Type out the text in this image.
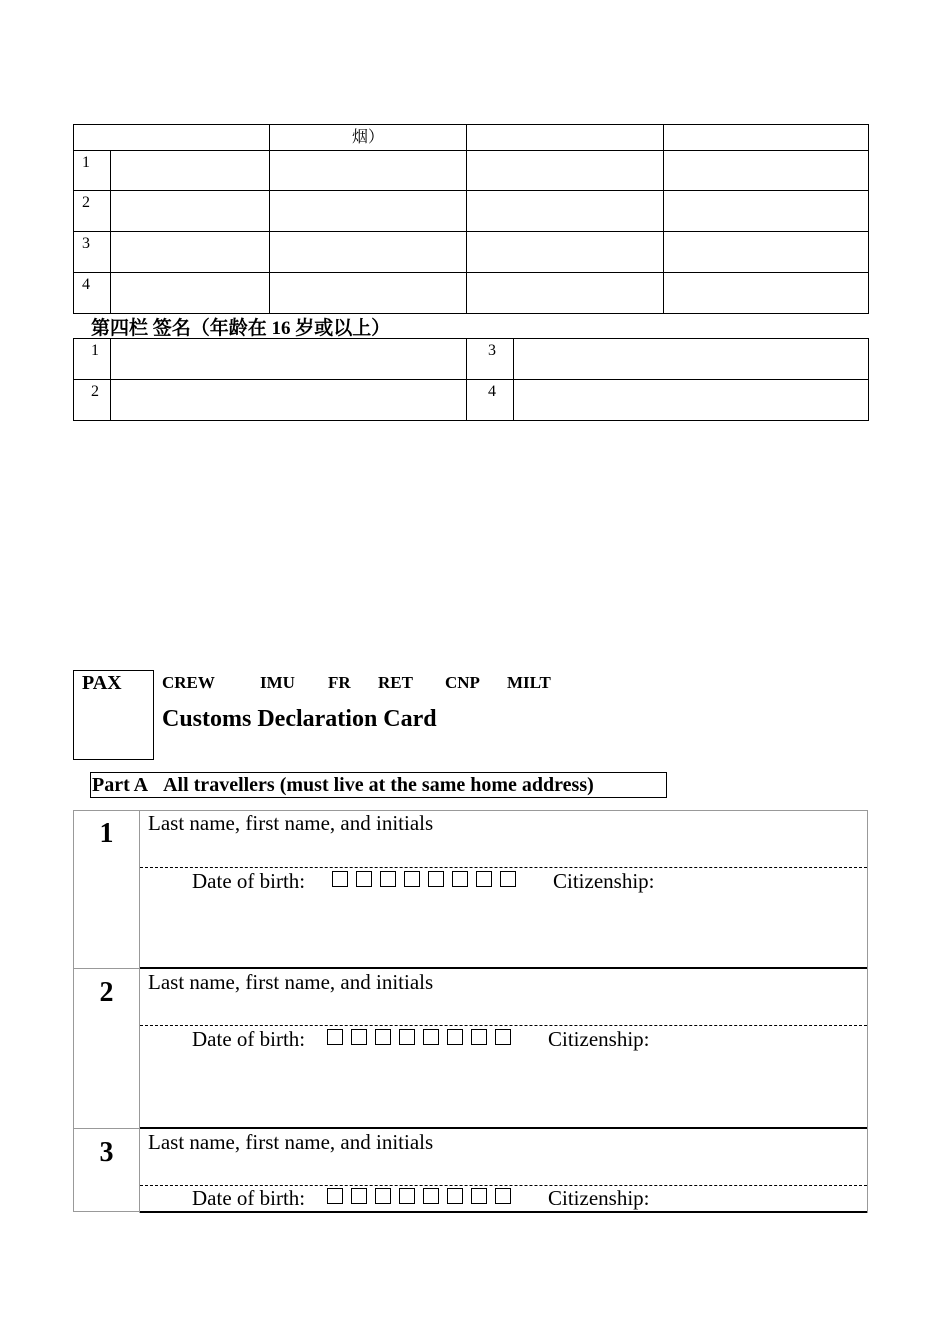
烟）
1
2
3
4
第四栏 签名（年龄在 16 岁或以上）
1	3
2	4
PAX	CREW	IMU FR RET CNP MILT
Customs Declaration Card
Part A All travellers (must live at the same home address)
1	Last name, first name, and initials
Date of birth:	Citizenship:
2	Last name, first name, and initials
Date of birth:	Citizenship:
3	Last name, first name, and initials
Date of birth:	Citizenship:
